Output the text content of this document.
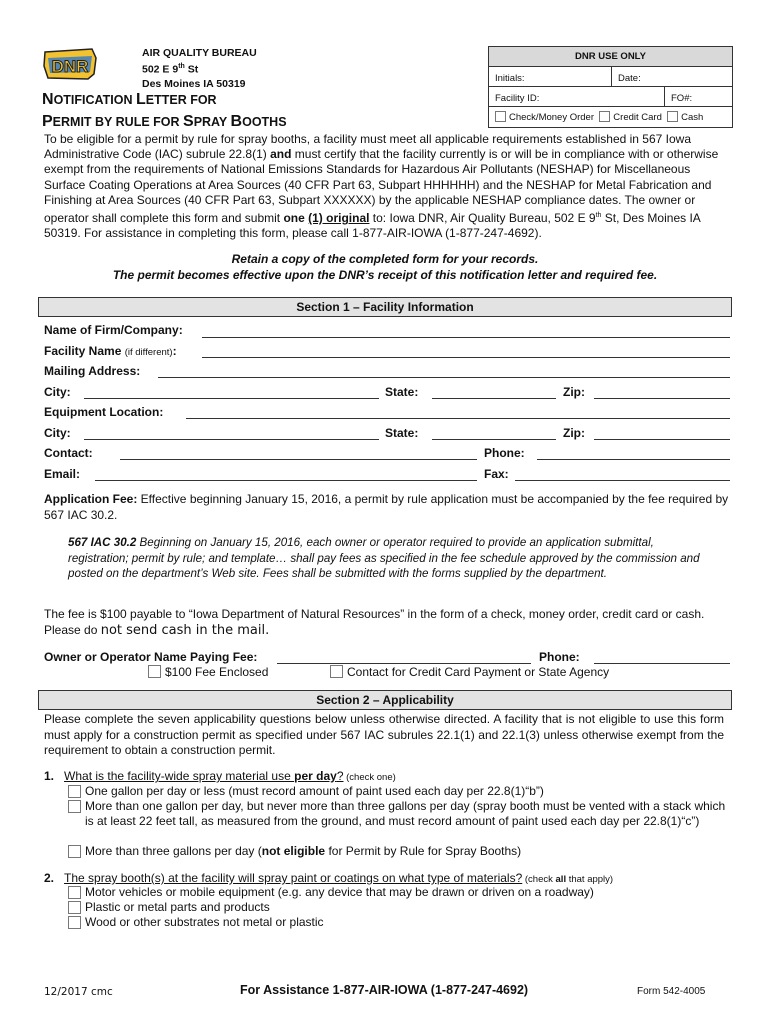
DNR
AIR QUALITY BUREAU
502 E 9th St
Des Moines IA 50319
NOTIFICATION LETTER FOR
PERMIT BY RULE FOR SPRAY BOOTHS
DNR USE ONLY
Initials:	Date:
Facility ID:	FO#:
Check/Money Order Credit Card Cash
To be eligible for a permit by rule for spray booths, a facility must meet all applicable requirements established in 567 Iowa Administrative Code (IAC) subrule 22.8(1) and must certify that the facility currently is or will be in compliance with or otherwise exempt from the requirements of National Emissions Standards for Hazardous Air Pollutants (NESHAP) for Miscellaneous Surface Coating Operations at Area Sources (40 CFR Part 63, Subpart HHHHHH) and the NESHAP for Metal Fabrication and Finishing at Area Sources (40 CFR Part 63, Subpart XXXXXX) by the applicable NESHAP compliance dates. The owner or operator shall complete this form and submit one (1) original to: Iowa DNR, Air Quality Bureau, 502 E 9th St, Des Moines IA 50319. For assistance in completing this form, please call 1-877-AIR-IOWA (1-877-247-4692).
Retain a copy of the completed form for your records.
The permit becomes effective upon the DNR’s receipt of this notification letter and required fee.
Section 1 – Facility Information
Name of Firm/Company:
Facility Name (if different):
Mailing Address:
City:	State:	Zip:
Equipment Location:
City:	State:	Zip:
Contact:	Phone:
Email:	Fax:
Application Fee: Effective beginning January 15, 2016, a permit by rule application must be accompanied by the fee required by 567 IAC 30.2.
567 IAC 30.2 Beginning on January 15, 2016, each owner or operator required to provide an application submittal, registration; permit by rule; and template… shall pay fees as specified in the fee schedule approved by the commission and posted on the department’s Web site. Fees shall be submitted with the forms supplied by the department.
The fee is $100 payable to “Iowa Department of Natural Resources” in the form of a check, money order, credit card or cash. Please do not send cash in the mail.
Owner or Operator Name Paying Fee:	Phone:
$100 Fee Enclosed	Contact for Credit Card Payment or State Agency
Section 2 – Applicability
Please complete the seven applicability questions below unless otherwise directed. A facility that is not eligible to use this form must apply for a construction permit as specified under 567 IAC subrules 22.1(1) and 22.1(3) unless otherwise exempt from the requirement to obtain a construction permit.
1. What is the facility-wide spray material use per day? (check one)
One gallon per day or less (must record amount of paint used each day per 22.8(1)“b”)
More than one gallon per day, but never more than three gallons per day (spray booth must be vented with a stack which is at least 22 feet tall, as measured from the ground, and must record amount of paint used each day per 22.8(1)“c”)
More than three gallons per day (not eligible for Permit by Rule for Spray Booths)
2. The spray booth(s) at the facility will spray paint or coatings on what type of materials? (check all that apply)
Motor vehicles or mobile equipment (e.g. any device that may be drawn or driven on a roadway)
Plastic or metal parts and products
Wood or other substrates not metal or plastic
12/2017 cmc	For Assistance 1-877-AIR-IOWA (1-877-247-4692)	Form 542-4005
